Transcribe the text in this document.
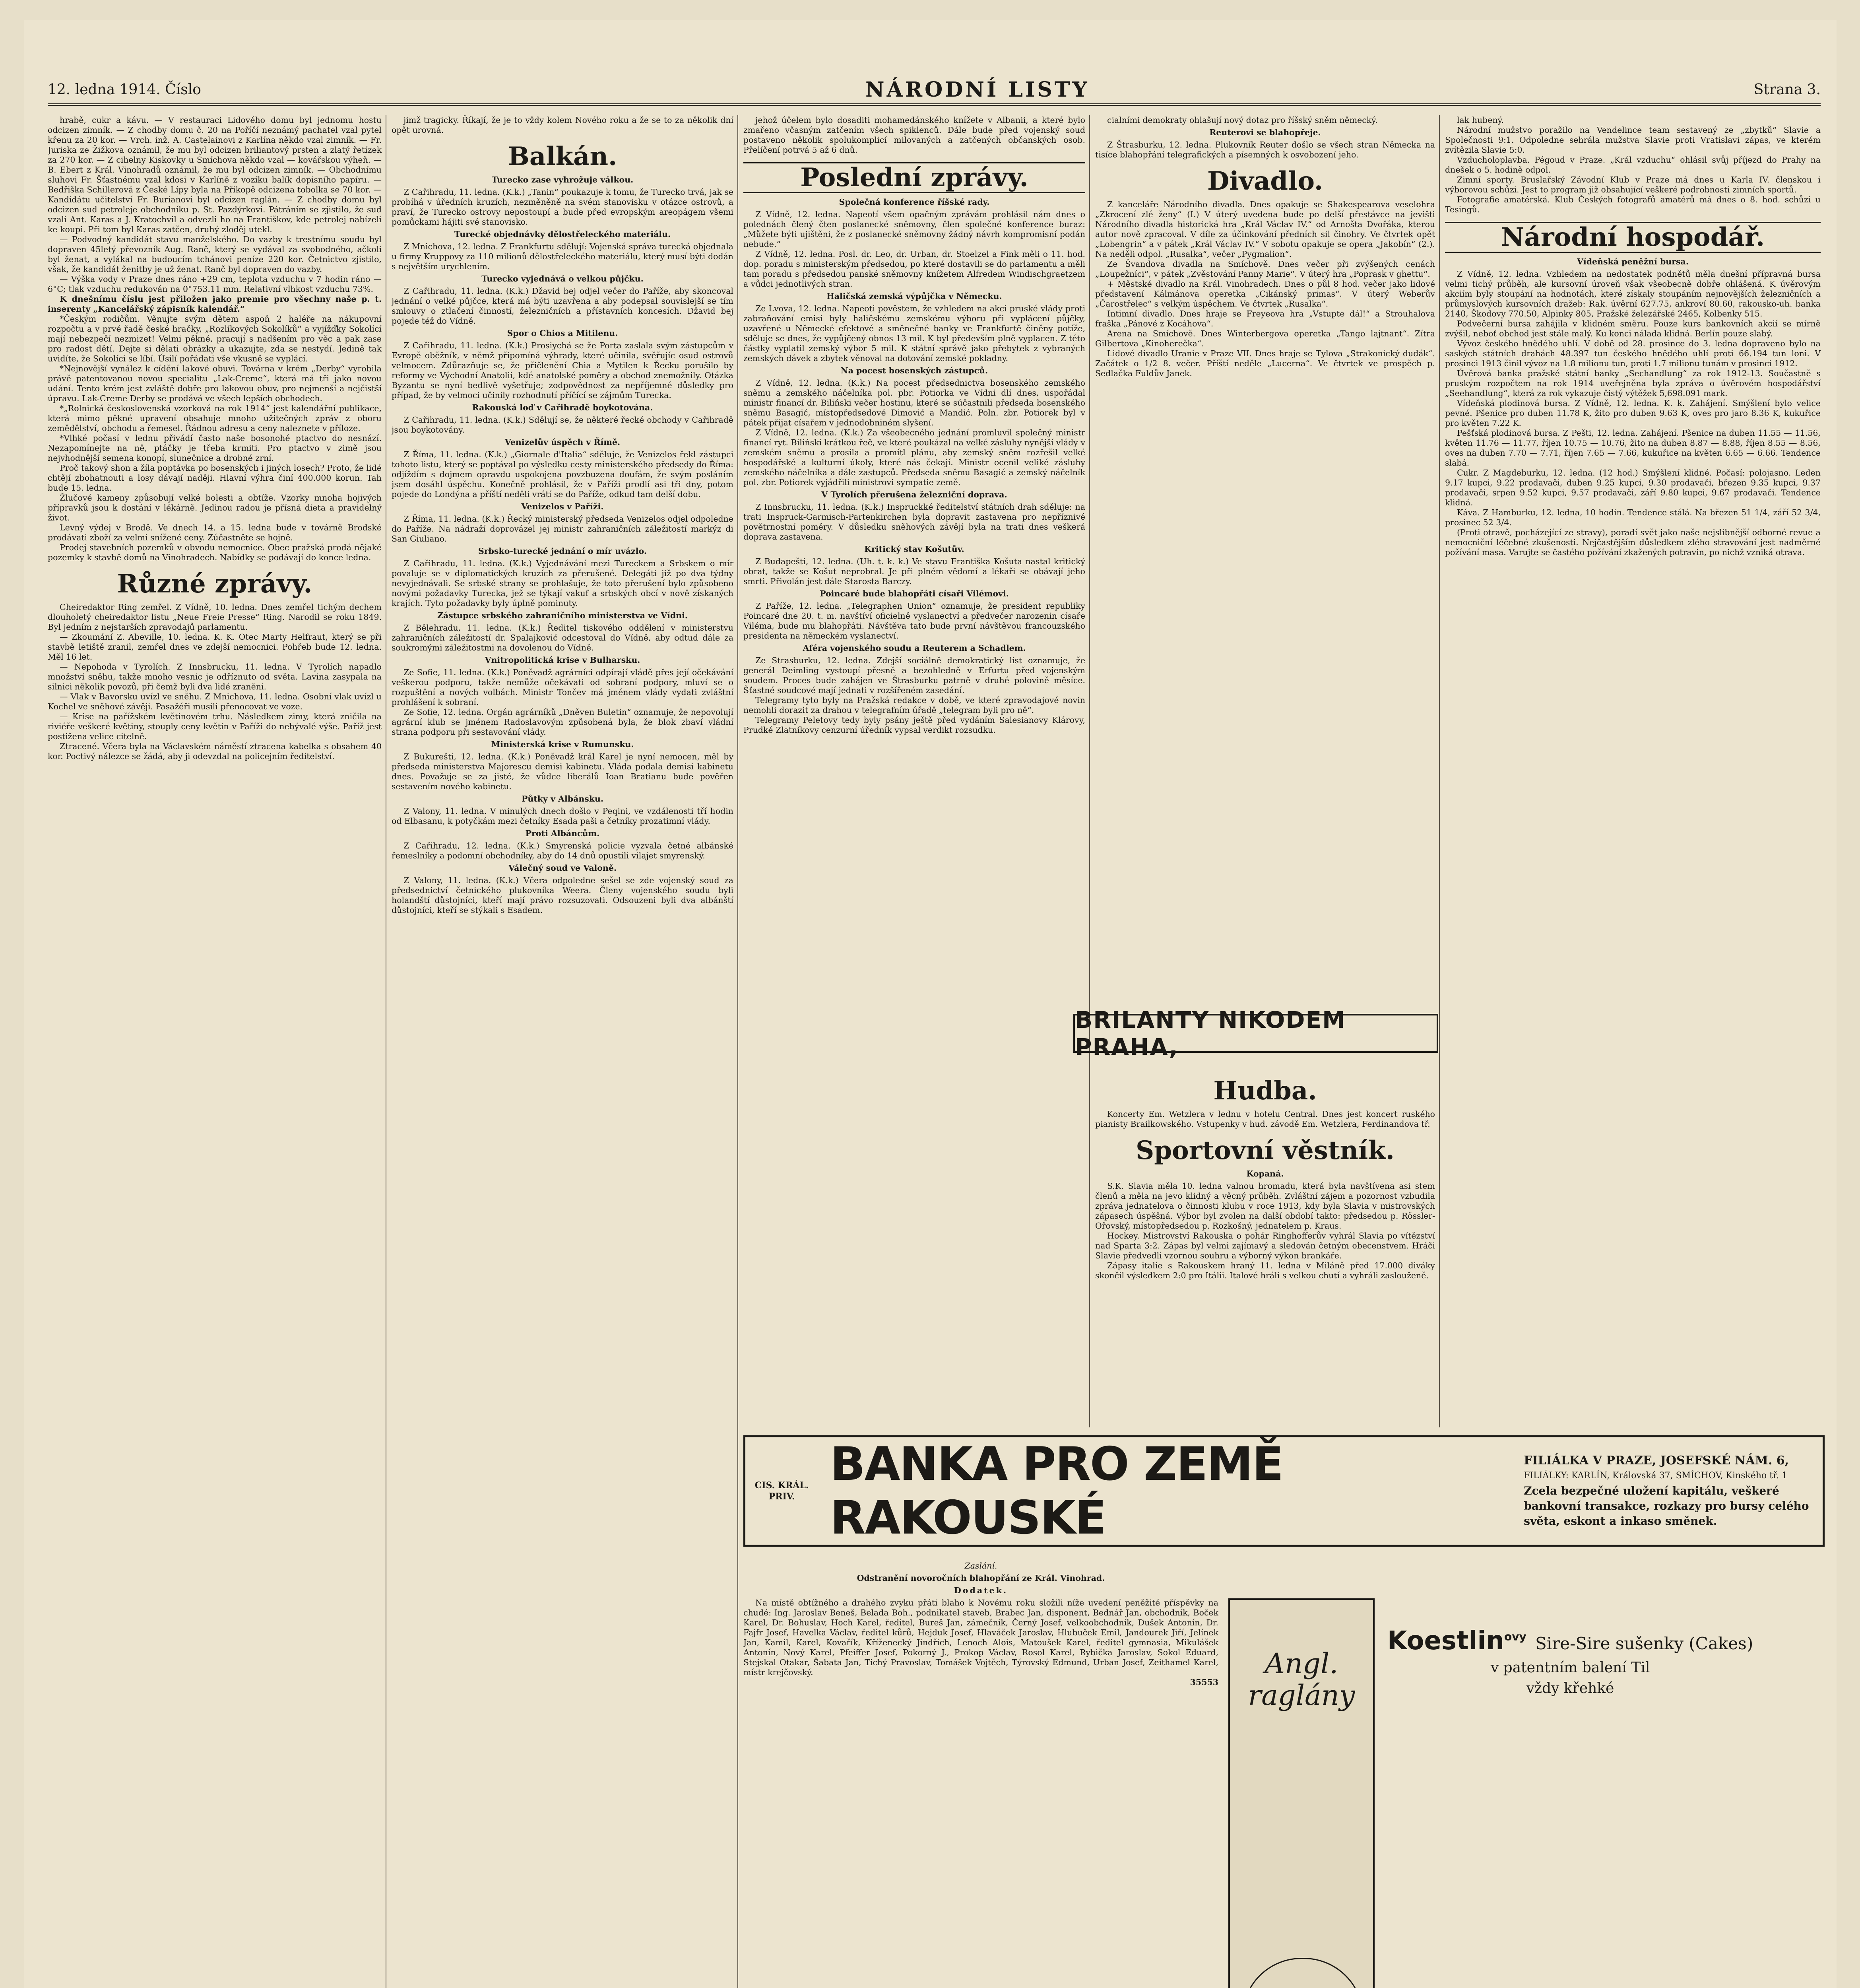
12. ledna 1914. Číslo	NÁRODNÍ LISTY	Strana 3.

hrabě, cukr a kávu. — V restauraci Lidového domu byl jednomu hostu odcizen zimník. — Z chodby domu č. 20 na Poříčí neznámý pachatel vzal pytel křenu za 20 kor. — Vrch. inž. A. Castelainovi z Karlína někdo vzal zimník. — Fr. Juriska ze Žižkova oznámil, že mu byl odcizen briliantový prsten a zlatý řetízek za 270 kor. — Z cihelny Kiskovky u Smíchova někdo vzal — kovářskou výheň. —B. Ebert z Král. Vinohradů oznámil, že mu byl odcizen zimník. — Obchodnímu sluhovi Fr. Šťastnému vzal kdosi v Karlíně z vozíku balík dopisního papíru. — Bedřiška Schillerová z České Lípy byla na Příkopě odcizena tobolka se 70 kor. — Kandidátu učitelství Fr. Burianovi byl odcizen raglán. — Z chodby domu byl odcizen sud petroleje obchodníku p. St. Pazdýrkovi. Pátráním se zjistilo, že sud vzali Ant. Karas a J. Kratochvil a odvezli ho na Františkov, kde petrolej nabízeli ke koupi. Při tom byl Karas zatčen, druhý zloděj utekl.

— Podvodný kandidát stavu manželského. Do vazby k trestnímu soudu byl dopraven 45letý převozník Aug. Ranč, který se vydával za svobodného, ačkoli byl ženat, a vylákal na budoucím tchánovi peníze 220 kor. Četnictvo zjistilo, však, že kandidát ženitby je už ženat. Ranč byl dopraven do vazby.

— Výška vody v Praze dnes ráno +29 cm, teplota vzduchu v 7 hodin ráno —6°C; tlak vzduchu redukován na 0°753.11 mm. Relativní vlhkost vzduchu 73%.

K dnešnímu číslu jest přiložen jako premie pro všechny naše p. t. inserenty „Kancelářský zápisník kalendář.“

*Českým rodičům. Věnujte svým dětem aspoň 2 haléře na nákupovní rozpočtu a v prvé řadě české hračky, „Rozlíkových Sokolíků“ a vyjížďky Sokolící mají nebezpečí nezmizet! Velmi pěkné, pracují s nadšením pro věc a pak zase pro radost dětí. Dejte si dělati obrázky a ukazujte, zda se nestydí. Jedině tak uvidíte, že Sokolíci se líbí. Úsilí pořádati vše vkusně se vyplácí.

*Nejnovější vynález k cídění lakové obuvi. Továrna v krém „Derby“ vyrobila právě patentovanou novou specialitu „Lak-Creme“, která má tři jako novou udání. Tento krém jest zvláště dobře pro lakovou obuv, pro nejmenší a nejčistší úpravu. Lak-Creme Derby se prodává ve všech lepších obchodech.

*„Rolnická československá vzorková na rok 1914“ jest kalendářní publikace, která mimo pěkné upravení obsahuje mnoho užitečných zpráv z oboru zemědělství, obchodu a řemesel. Řádnou adresu a ceny naleznete v příloze.

*Vlhké počasí v lednu přivádí často naše bosonohé ptactvo do nesnází. Nezapomínejte na ně, ptáčky je třeba krmiti. Pro ptactvo v zimě jsou nejvhodnější semena konopí, slunečnice a drobné zrní.

Proč takový shon a žíla poptávka po bosenských i jiných losech? Proto, že lidé chtějí zbohatnouti a losy dávají naději. Hlavní výhra činí 400.000 korun. Tah bude 15. ledna.

Žlučové kameny způsobují velké bolesti a obtíže. Vzorky mnoha hojivých přípravků jsou k dostání v lékárně. Jedinou radou je přísná dieta a pravidelný život.

Levný výdej v Brodě. Ve dnech 14. a 15. ledna bude v továrně Brodské prodávati zboží za velmi snížené ceny. Zúčastněte se hojně.

Prodej stavebních pozemků v obvodu nemocnice. Obec pražská prodá nějaké pozemky k stavbě domů na Vinohradech. Nabídky se podávají do konce ledna.

Různé zprávy.

Cheiredaktor Ring zemřel. Z Vídně, 10. ledna. Dnes zemřel tichým dechem dlouholetý cheiredaktor listu „Neue Freie Presse“ Ring. Narodil se roku 1849. Byl jedním z nejstarších zpravodajů parlamentu.

— Zkoumání Z. Abeville, 10. ledna. K. K. Otec Marty Helfraut, který se při stavbě letiště zranil, zemřel dnes ve zdejší nemocnici. Pohřeb bude 12. ledna. Měl 16 let.

— Nepohoda v Tyrolích. Z Innsbrucku, 11. ledna. V Tyrolích napadlo množství sněhu, takže mnoho vesnic je odříznuto od světa. Lavina zasypala na silnici několik povozů, při čemž byli dva lidé zraněni.

— Vlak v Bavorsku uvízl ve sněhu. Z Mnichova, 11. ledna. Osobní vlak uvízl u Kochel ve sněhové závěji. Pasažéři musili přenocovat ve voze.

— Krise na pařížském květinovém trhu. Následkem zimy, která zničila na riviéře veškeré květiny, stouply ceny květin v Paříži do nebývalé výše. Paříž jest postižena velice citelně.

Ztracené. Včera byla na Václavském náměstí ztracena kabelka s obsahem 40 kor. Poctivý nálezce se žádá, aby ji odevzdal na policejním ředitelství.

jimž tragicky. Říkají, že je to vždy kolem Nového roku a že se to za několik dní opět urovná.

Balkán.
Turecko zase vyhrožuje válkou.

Z Cařihradu, 11. ledna. (K.k.) „Tanin“ poukazuje k tomu, že Turecko trvá, jak se probíhá v úředních kruzích, nezměněně na svém stanovisku v otázce ostrovů, a praví, že Turecko ostrovy nepostoupí a bude před evropským areopágem všemi pomůckami hájiti své stanovisko.

Turecké objednávky dělostřeleckého materiálu.

Z Mnichova, 12. ledna. Z Frankfurtu sdělují: Vojenská správa turecká objednala u firmy Kruppovy za 110 milionů dělostřeleckého materiálu, který musí býti dodán s největším urychlením.

Turecko vyjednává o velkou půjčku.

Z Cařihradu, 11. ledna. (K.k.) Džavid bej odjel večer do Paříže, aby skoncoval jednání o velké půjčce, která má býti uzavřena a aby podepsal souvislejší se tím smlouvy o ztlačení činností, železničních a přístavních koncesích. Džavid bej pojede též do Vídně.

Spor o Chios a Mitilenu.

Z Cařihradu, 11. ledna. (K.k.) Prosiychá se že Porta zaslala svým zástupcům v Evropě oběžník, v němž připomíná výhrady, které učinila, svěřujíc osud ostrovů velmocem. Zdůrazňuje se, že přičlenění Chia a Mytilen k Řecku porušilo by reformy ve Východní Anatolii, kdé anatolské poměry a obchod znemožnily. Otázka Byzantu se nyní bedlivě vyšetřuje; zodpovědnost za nepříjemné důsledky pro případ, že by velmoci učinily rozhodnutí příčící se zájmům Turecka.

Rakouská loď v Cařihradě boykotována.

Z Cařihradu, 11. ledna. (K.k.) Sdělují se, že některé řecké obchody v Cařihradě jsou boykotovány.

Venizelův úspěch v Římě.

Z Říma, 11. ledna. (K.k.) „Giornale d'Italia“ sděluje, že Venizelos řekl zástupci tohoto listu, který se poptával po výsledku cesty ministerského předsedy do Říma: odjíždím s dojmem opravdu uspokojena povzbuzena doufám, že svým posláním jsem dosáhl úspěchu. Konečně prohlásil, že v Paříži prodlí asi tři dny, potom pojede do Londýna a příští neděli vrátí se do Paříže, odkud tam delší dobu.

Venizelos v Paříži.

Z Říma, 11. ledna. (K.k.) Řecký ministerský předseda Venizelos odjel odpoledne do Paříže. Na nádraží doprovázel jej ministr zahraničních záležitostí markýz di San Giuliano.

Srbsko-turecké jednání o mír uvázlo.

Z Cařihradu, 11. ledna. (K.k.) Vyjednávání mezi Tureckem a Srbskem o mír povaluje se v diplomatických kruzích za přerušené. Delegáti již po dva týdny nevyjednávali. Se srbské strany se prohlašuje, že toto přerušení bylo způsobeno novými požadavky Turecka, jež se týkají vakuf a srbských obcí v nově získaných krajích. Tyto požadavky byly úplně pominuty.

Zástupce srbského zahraničního ministerstva ve Vídni.

Z Bělehradu, 11. ledna. (K.k.) Ředitel tiskového oddělení v ministerstvu zahraničních záležitostí dr. Spalajković odcestoval do Vídně, aby odtud dále za soukromými záležitostmi na dovolenou do Vídně.

Vnitropolitická krise v Bulharsku.

Ze Sofie, 11. ledna. (K.k.) Poněvadž agrárníci odpírají vládě přes její očekávání veškerou podporu, takže nemůže očekávati od sobraní podpory, mluví se o rozpuštění a nových volbách. Ministr Tončev má jménem vlády vydati zvláštní prohlášení k sobraní.

Ze Sofie, 12. ledna. Orgán agrárníků „Dněven Buletin“ oznamuje, že nepovolují agrární klub se jménem Radoslavovým způsobená byla, že blok zbaví vládní strana podporu při sestavování vlády.

Ministerská krise v Rumunsku.

Z Bukurešti, 12. ledna. (K.k.) Poněvadž král Karel je nyní nemocen, měl by předseda ministerstva Majorescu demisi kabinetu. Vláda podala demisi kabinetu dnes. Považuje se za jisté, že vůdce liberálů Ioan Bratianu bude pověřen sestavením nového kabinetu.

Půtky v Albánsku.

Z Valony, 11. ledna. V minulých dnech došlo v Peqini, ve vzdálenosti tří hodin od Elbasanu, k potyčkám mezi četníky Esada paši a četníky prozatimní vlády.

Proti Albáncům.

Z Cařihradu, 12. ledna. (K.k.) Smyrenská policie vyzvala četné albánské řemeslníky a podomní obchodníky, aby do 14 dnů opustili vilajet smyrenský.

Válečný soud ve Valoně.

Z Valony, 11. ledna. (K.k.) Včera odpoledne sešel se zde vojenský soud za předsednictví četnického plukovníka Weera. Členy vojenského soudu byli holandští důstojníci, kteří mají právo rozsuzovati. Odsouzeni byli dva albánští důstojníci, kteří se stýkali s Esadem.

jehož účelem bylo dosaditi mohamedánského knížete v Albanii, a které bylo zmařeno včasným zatčením všech spiklenců. Dále bude před vojenský soud postaveno několik spolukomplicí milovaných a zatčených občanských osob. Přelíčení potrvá 5 až 6 dnů.

Poslední zprávy.
Společná konference říšské rady.

Z Vídně, 12. ledna. Napeotí všem opačným zprávám prohlásil nám dnes o polednách člený čten poslanecké sněmovny, člen společné konference buraz: „Můžete býti ujištěni, že z poslanecké sněmovny žádný návrh kompromisní podán nebude.“

Z Vídně, 12. ledna. Posl. dr. Leo, dr. Urban, dr. Stoelzel a Fink měli o 11. hod. dop. poradu s ministerským předsedou, po které dostavili se do parlamentu a měli tam poradu s předsedou panské sněmovny knížetem Alfredem Windischgraetzem a vůdci jednotlivých stran.

Haličská zemská výpůjčka v Německu.

Ze Lvova, 12. ledna. Napeoti pověstem, že vzhledem na akci pruské vlády proti zabraňování emisi byly haličskému zemskému výboru při vyplácení půjčky, uzavřené u Německé efektové a směnečné banky ve Frankfurtě činěny potíže, sděluje se dnes, že vypůjčený obnos 13 mil. K byl především plně vyplacen. Z této částky vyplatil zemský výbor 5 mil. K státní správě jako přebytek z vybraných zemských dávek a zbytek věnoval na dotování zemské pokladny.

Na pocest bosenských zástupců.

Z Vídně, 12. ledna. (K.k.) Na pocest předsednictva bosenského zemského sněmu a zemského náčelníka pol. pbr. Potiorka ve Vídni dlí dnes, uspořádal ministr financí dr. Biliński večer hostinu, které se súčastnili předseda bosenského sněmu Basagić, místopředsedové Dimović a Mandić. Poln. zbr. Potiorek byl v pátek přijat císařem v jednodobniném slyšení.

Z Vídně, 12. ledna. (K.k.) Za všeobecného jednání promluvil společný ministr financí ryt. Biliński krátkou řeč, ve které poukázal na velké zásluhy nynější vlády v zemském sněmu a prosila a promítl plánu, aby zemský sněm rozřešil velké hospodářské a kulturní úkoly, které nás čekají. Ministr ocenil veliké zásluhy zemského náčelníka a dále zastupců. Předseda sněmu Basagić a zemský náčelník pol. zbr. Potiorek vyjádřili ministrovi sympatie země.

V Tyrolích přerušena železniční doprava.

Z Innsbrucku, 11. ledna. (K.k.) Inspruckké ředitelství státních drah sděluje: na trati Inspruck-Garmisch-Partenkirchen byla dopravit zastavena pro nepříznivé povětrnostní poměry. V důsledku sněhových závějí byla na trati dnes veškerá doprava zastavena.

Kritický stav Košutův.

Z Budapešti, 12. ledna. (Uh. t. k. k.) Ve stavu Františka Košuta nastal kritický obrat, takže se Košut neprobral. Je při plném vědomí a lékaři se obávají jeho smrti. Přivolán jest dále Starosta Barczy.

Poincaré bude blahopřáti císaři Vilémovi.

Z Paříže, 12. ledna. „Telegraphen Union“ oznamuje, že president republiky Poincaré dne 20. t. m. navštíví oficielně vyslanectví a předvečer narozenin císaře Viléma, bude mu blahopřáti. Návštěva tato bude první návštěvou francouzského presidenta na německém vyslanectví.

Aféra vojenského soudu a Reuterem a Schadlem.

Ze Strasburku, 12. ledna. Zdejší sociálně demokratický list oznamuje, že generál Deimling vystoupí přesně a bezohledně v Erfurtu před vojenským soudem. Proces bude zahájen ve Štrasburku patrně v druhé polovině měsíce. Šťastné soudcové mají jednati v rozšířeném zasedání.

Telegramy tyto byly na Pražská redakce v době, ve které zpravodajové novin nemohli dorazit za drahou v telegrafním úřadě „telegram byli pro ně“.

Telegramy Peletovy tedy byly psány ještě před vydáním Salesianovy Klárovy, Prudké Zlatníkovy cenzurní úředník vypsal verdikt rozsudku.

cialními demokraty ohlašují nový dotaz pro říšský sněm německý.

Reuterovi se blahopřeje.

Z Štrasburku, 12. ledna. Plukovník Reuter došlo se všech stran Německa na tisíce blahopřání telegrafických a písemných k osvobození jeho.

Divadlo.

Z kanceláře Národního divadla. Dnes opakuje se Shakespearova veselohra „Zkrocení zlé ženy“ (I.) V úterý uvedena bude po delší přestávce na jevišti Národního divadla historická hra „Král Václav IV.“ od Arnošta Dvořáka, kterou autor nově zpracoval. V díle za účinkování předních sil činohry. Ve čtvrtek opět „Lobengrin“ a v pátek „Král Václav IV.“ V sobotu opakuje se opera „Jakobín“ (2.). Na neděli odpol. „Rusalka“, večer „Pygmalion“.

Ze Švandova divadla na Smíchově. Dnes večer při zvýšených cenách „Loupežníci“, v pátek „Zvěstování Panny Marie“. V úterý hra „Poprask v ghettu“.

+ Městské divadlo na Král. Vinohradech. Dnes o půl 8 hod. večer jako lidové představení Kálmánova operetka „Cikánský primas“. V úterý Weberův „Čarostřelec“ s velkým úspěchem. Ve čtvrtek „Rusalka“.

Intimní divadlo. Dnes hraje se Freyeova hra „Vstupte dál!“ a Strouhalova fraška „Pánové z Kocáhova“.

Arena na Smíchově. Dnes Winterbergova operetka „Tango lajtnant“. Zítra Gilbertova „Kinoherečka“.

Lidové divadlo Uranie v Praze VII. Dnes hraje se Tylova „Strakonický dudák“. Začátek o 1/2 8. večer. Příští neděle „Lucerna“. Ve čtvrtek ve prospěch p. Sedlačka Fuldův Janek.

BRILANTY NIKODEM PRAHA,
Hudba.

Koncerty Em. Wetzlera v lednu v hotelu Central. Dnes jest koncert ruského pianisty Brailkowského. Vstupenky v hud. závodě Em. Wetzlera, Ferdinandova tř.

Sportovní věstník.
Kopaná.

S.K. Slavia měla 10. ledna valnou hromadu, která byla navštívena asi stem členů a měla na jevo klidný a věcný průběh. Zvláštní zájem a pozornost vzbudila zpráva jednatelova o činnosti klubu v roce 1913, kdy byla Slavia v mistrovských zápasech úspěšná. Výbor byl zvolen na další období takto: předsedou p. Rössler-Ořovský, místopředsedou p. Rozkošný, jednatelem p. Kraus.

Hockey. Mistrovství Rakouska o pohár Ringhofferův vyhrál Slavia po vítězství nad Sparta 3:2. Zápas byl velmi zajímavý a sledován četným obecenstvem. Hráči Slavie předvedli vzornou souhru a výborný výkon brankáře.

Zápasy italie s Rakouskem hraný 11. ledna v Miláně před 17.000 diváky skončil výsledkem 2:0 pro Itálii. Italové hráli s velkou chutí a vyhráli zaslouženě.

lak hubený.

Národní mužstvo poražilo na Vendelince team sestavený ze „zbytků“ Slavie a Společnosti 9:1. Odpoledne sehrála mužstva Slavie proti Vratislavi zápas, ve kterém zvítězila Slavie 5:0.

Vzducholoplavba. Pégoud v Praze. „Král vzduchu“ ohlásil svůj příjezd do Prahy na dnešek o 5. hodině odpol.

Zimní sporty. Bruslařský Závodní Klub v Praze má dnes u Karla IV. členskou i výborovou schůzi. Jest to program již obsahující veškeré podrobnosti zimních sportů.

Fotografie amatérská. Klub Českých fotografů amatérů má dnes o 8. hod. schůzi u Tesingů.

Národní hospodář.
Vídeňská peněžní bursa.

Z Vídně, 12. ledna. Vzhledem na nedostatek podnětů měla dnešní přípravná bursa velmi tichý průběh, ale kursovní úroveň však všeobecně dobře ohlášená. K úvěrovým akciím byly stoupání na hodnotách, které získaly stoupáním nejnovějších železničních a průmyslových kursovních dražeb: Rak. úvěrní 627.75, ankroví 80.60, rakousko-uh. banka 2140, Škodovy 770.50, Alpinky 805, Pražské železářské 2465, Kolbenky 515.

Podvečerní bursa zahájila v klidném směru. Pouze kurs bankovních akcií se mírně zvýšil, neboť obchod jest stále malý. Ku konci nálada klidná. Berlín pouze slabý.

Vývoz českého hnědého uhlí. V době od 28. prosince do 3. ledna dopraveno bylo na saských státních drahách 48.397 tun českého hnědého uhlí proti 66.194 tun loni. V prosinci 1913 činil vývoz na 1.8 milionu tun, proti 1.7 milionu tunám v prosinci 1912.

Úvěrová banka pražské státní banky „Sechandlung“ za rok 1912-13. Součastně s pruským rozpočtem na rok 1914 uveřejněna byla zpráva o úvěrovém hospodářství „Seehandlung“, která za rok vykazuje čistý výtěžek 5,698.091 mark.

Vídeňská plodinová bursa. Z Vídně, 12. ledna. K. k. Zahájení. Smýšlení bylo velice pevné. Pšenice pro duben 11.78 K, žito pro duben 9.63 K, oves pro jaro 8.36 K, kukuřice pro květen 7.22 K.

Pešťská plodinová bursa. Z Pešti, 12. ledna. Zahájení. Pšenice na duben 11.55 — 11.56, květen 11.76 — 11.77, říjen 10.75 — 10.76, žito na duben 8.87 — 8.88, říjen 8.55 — 8.56, oves na duben 7.70 — 7.71, říjen 7.65 — 7.66, kukuřice na květen 6.65 — 6.66. Tendence slabá.

Cukr. Z Magdeburku, 12. ledna. (12 hod.) Smýšlení klidné. Počasí: polojasno. Leden 9.17 kupci, 9.22 prodavači, duben 9.25 kupci, 9.30 prodavači, březen 9.35 kupci, 9.37 prodavači, srpen 9.52 kupci, 9.57 prodavači, září 9.80 kupci, 9.67 prodavači. Tendence klidná.

Káva. Z Hamburku, 12. ledna, 10 hodin. Tendence stálá. Na březen 51 1/4, září 52 3/4, prosinec 52 3/4.

(Proti otravě, pocházející ze stravy), poradí svět jako naše nejslibnější odborné revue a nemocniční léčebné zkušenosti. Nejčastějším důsledkem zlého stravování jest nadměrné požívání masa. Varujte se častého požívání zkažených potravin, po nichž vzniká otrava.

CIS. KRÁL. PRIV.
BANKA PRO ZEMĚ RAKOUSKÉ
FILIÁLKA V PRAZE, JOSEFSKÉ NÁM. 6,
FILIÁLKY: KARLÍN, Královská 37, SMÍCHOV, Kinského tř. 1
Zcela bezpečné uložení kapitálu, veškeré bankovní transakce, rozkazy pro bursy celého světa, eskont a inkaso směnek.
Zaslání.
Odstranění novoročních blahopřání ze Král. Vinohrad.
Dodatek.

Na místě obtížného a drahého zvyku přáti blaho k Novému roku složili níže uvedení peněžité příspěvky na chudé: Ing. Jaroslav Beneš, Belada Boh., podnikatel staveb, Brabec Jan, disponent, Bednář Jan, obchodník, Boček Karel, Dr. Bohuslav, Hoch Karel, ředitel, Bureš Jan, zámečník, Černý Josef, velkoobchodník, Dušek Antonín, Dr. Fajfr Josef, Havelka Václav, ředitel kůrů, Hejduk Josef, Hlaváček Jaroslav, Hlubuček Emil, Jandourek Jiří, Jelínek Jan, Kamil, Karel, Kovařík, Kříženecký Jindřich, Lenoch Alois, Matoušek Karel, ředitel gymnasia, Mikulášek Antonín, Nový Karel, Pfeiffer Josef, Pokorný J., Prokop Václav, Rosol Karel, Rybička Jaroslav, Sokol Eduard, Stejskal Otakar, Šabata Jan, Tichý Pravoslav, Tomášek Vojtěch, Týrovský Edmund, Urban Josef, Zeithamel Karel, místr krejčovský.

35553
Angl. raglány
Koestlin$^{ovy}$ Sire-Sire sušenky (Cakes)
v patentním balení Til
vždy křehké
